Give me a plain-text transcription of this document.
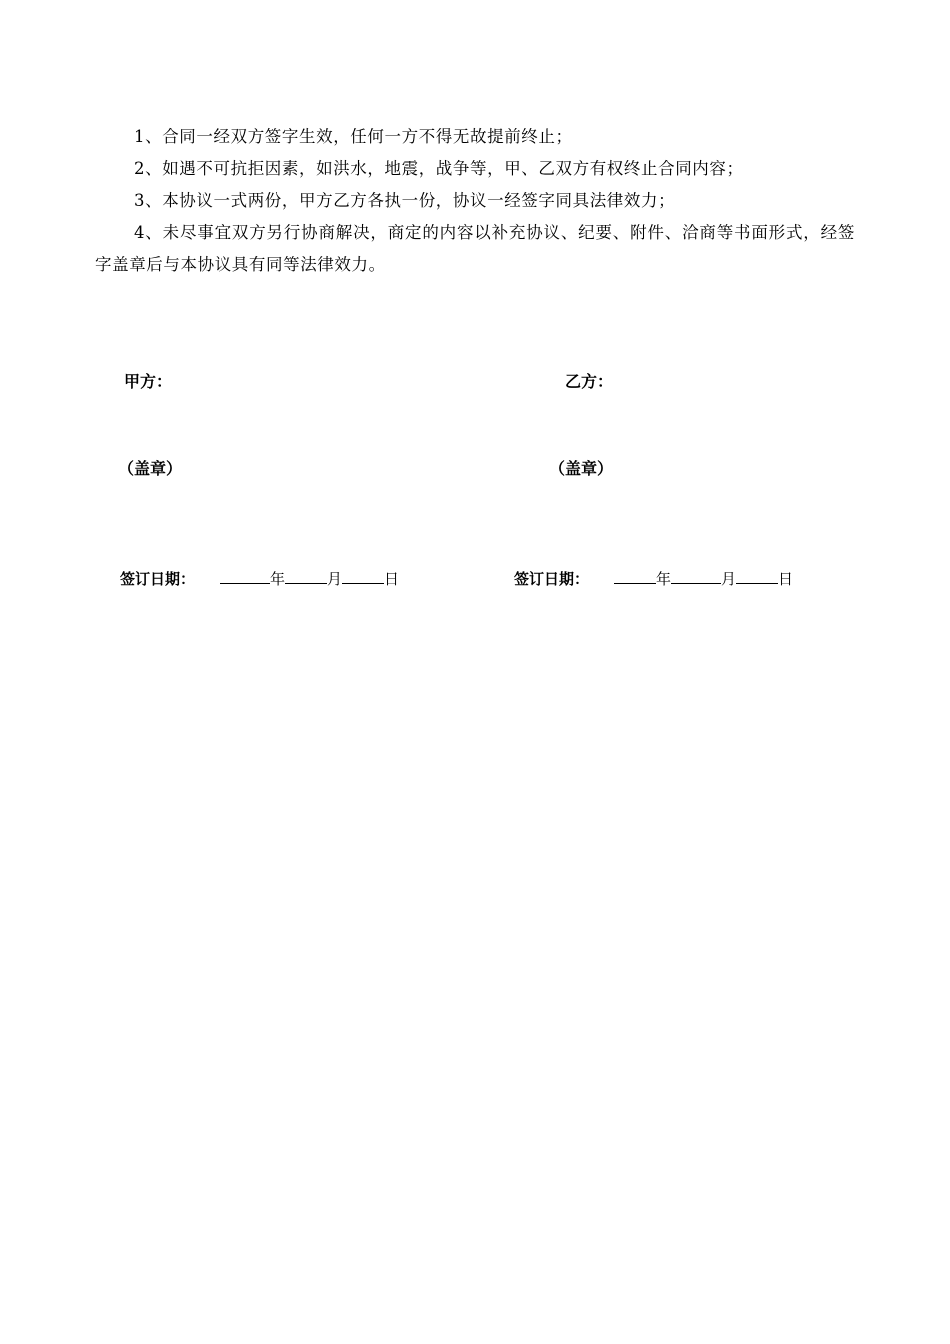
1、合同一经双方签字生效，任何一方不得无故提前终止；

2、如遇不可抗拒因素，如洪水，地震，战争等，甲、乙双方有权终止合同内容；

3、本协议一式两份，甲方乙方各执一份，协议一经签字同具法律效力；

4、未尽事宜双方另行协商解决，商定的内容以补充协议、纪要、附件、洽商等书面形式，经签字盖章后与本协议具有同等法律效力。

甲方：
（盖章）
签订日期：	年	月	日
乙方：
（盖章）
签订日期：	年	月	日
